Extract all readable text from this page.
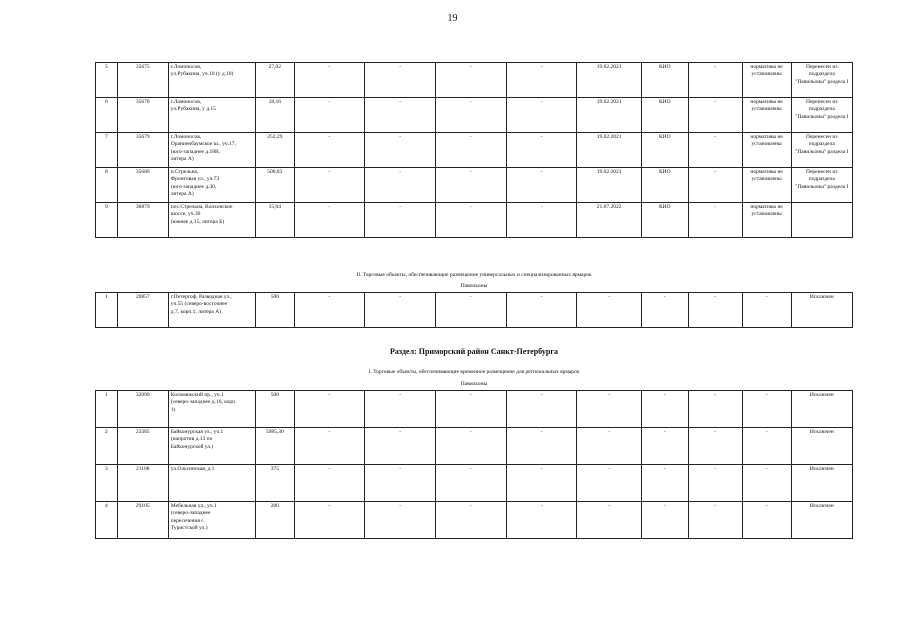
19
5	35675	г.Ломоносов,
ул.Рубакина, уч.10 (у д.10)	27,02	-	-	-	-	19.02.2021	КИО	-	нормативы не установлены	Перенесен из подраздела "Павильоны" раздела I
6	35678	г.Ломоносов,
ул.Рубакина, у д.15	18,16	-	-	-	-	19.02.2021	КИО	-	нормативы не установлены	Перенесен из подраздела "Павильоны" раздела I
7	35679	г.Ломоносов,
Ораниенбаумское ш., уч.17,
(юго-западнее д.18В,
литера А)	252,29	-	-	-	-	19.02.2021	КИО	-	нормативы не установлены	Перенесен из подраздела "Павильоны" раздела I
8	35680	п.Стрельна,
Фронтовая ул., уч.73
(юго-западнее д.30,
литера А)	500,83	-	-	-	-	19.02.2021	КИО	-	нормативы не установлены	Перенесен из подраздела "Павильоны" раздела I
9	36879	пос.Стрельна, Волхонское
шоссе, уч.36
(южнее д.15, литера Б)	15,04	-	-	-	-	21.07.2022	КИО	-	нормативы не установлены	
II. Торговые объекты, обеспечивающие размещение универсальных и специализированных ярмарок
Павильоны
1	20857	г.Петергоф, Разводная ул.,
уч.55 (северо-восточнее
д.7, корп.1, литера А)	500	-	-	-	-	-	-	-	-	Исключен
Раздел: Приморский район Санкт-Петербурга
I. Торговые объекты, обеспечивающие временное размещение для региональных ярмарок
Павильоны
1	32090	Коломяжский пр., уч.1
(северо-западнее д.16, корп.
1)	500	-	-	-	-	-	-	-	-	Исключен
2	23385	Байконурская ул., уч.1
(напротив д.13 по
Байконурской ул.)	5985,30	-	-	-	-	-	-	-	-	Исключен
3	21108	ул.Ольгинская, д.1	375	-	-	-	-	-	-	-	-	Исключен
4	29105	Мебельная ул., уч.1
(северо-западнее
пересечения с
Туристской ул.)	200	-	-	-	-	-	-	-	-	Исключен
